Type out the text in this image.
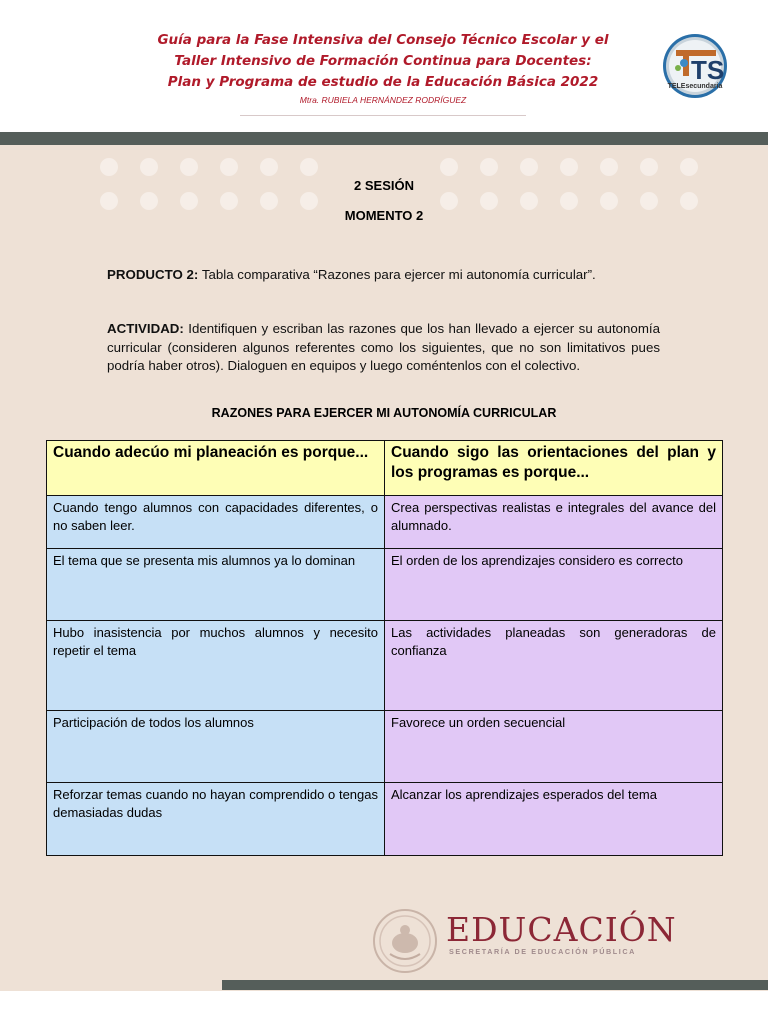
Guía para la Fase Intensiva del Consejo Técnico Escolar y el
Taller Intensivo de Formación Continua para Docentes:
Plan y Programa de estudio de la Educación Básica 2022
Mtra. RUBIELA HERNÁNDEZ RODRÍGUEZ
TS
TELEsecundaria
2 SESIÓN
MOMENTO 2
PRODUCTO 2: Tabla comparativa “Razones para ejercer mi autonomía curricular”.
ACTIVIDAD: Identifiquen y escriban las razones que los han llevado a ejercer su autonomía curricular (consideren algunos referentes como los siguientes, que no son limitativos pues podría haber otros). Dialoguen en equipos y luego coméntenlos con el colectivo.
RAZONES PARA EJERCER MI AUTONOMÍA CURRICULAR
Cuando adecúo mi planeación es porque...	Cuando sigo las orientaciones del plan y los programas es porque...
Cuando tengo alumnos con capacidades diferentes, o no saben leer.	Crea perspectivas realistas e integrales del avance del alumnado.
El tema que se presenta mis alumnos ya lo dominan	El orden de los aprendizajes considero es correcto
Hubo inasistencia por muchos alumnos y necesito repetir el tema	Las actividades planeadas son generadoras de confianza
Participación de todos los alumnos	Favorece un orden secuencial
Reforzar temas cuando no hayan comprendido o tengas demasiadas dudas	Alcanzar los aprendizajes esperados del tema
EDUCACIÓN
SECRETARÍA DE EDUCACIÓN PÚBLICA
